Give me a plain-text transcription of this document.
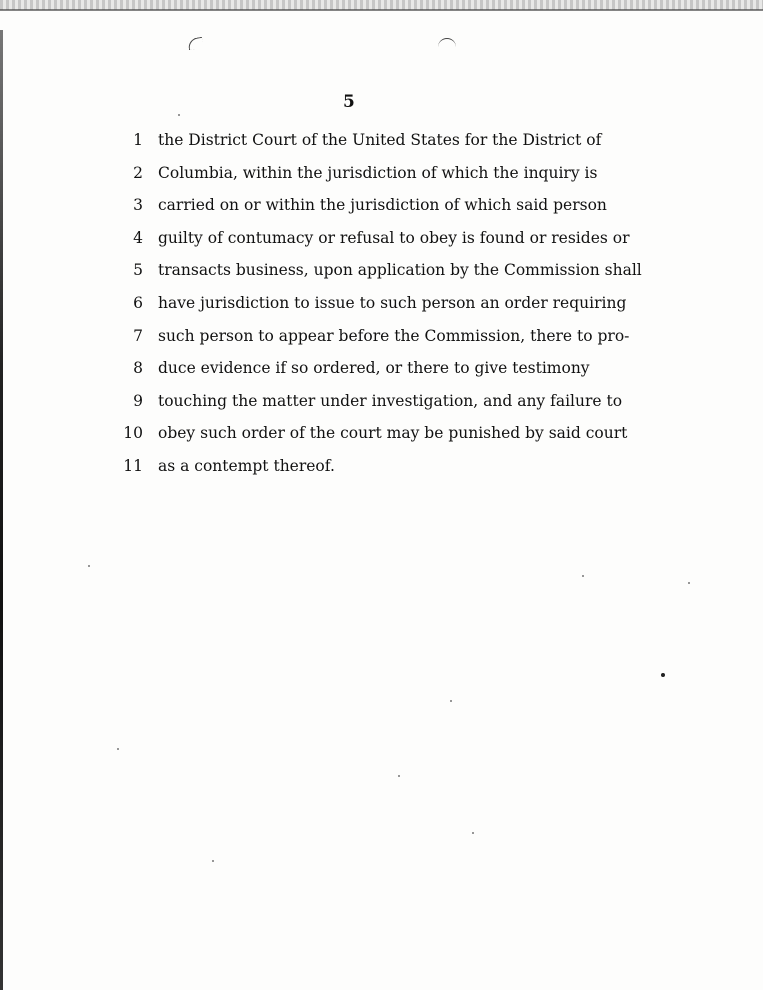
5
1 the District Court of the United States for the District of
2 Columbia, within the jurisdiction of which the inquiry is
3 carried on or within the jurisdiction of which said person
4 guilty of contumacy or refusal to obey is found or resides or
5 transacts business, upon application by the Commission shall
6 have jurisdiction to issue to such person an order requiring
7 such person to appear before the Commission, there to pro-
8 duce evidence if so ordered, or there to give testimony
9 touching the matter under investigation, and any failure to
10 obey such order of the court may be punished by said court
11 as a contempt thereof.
